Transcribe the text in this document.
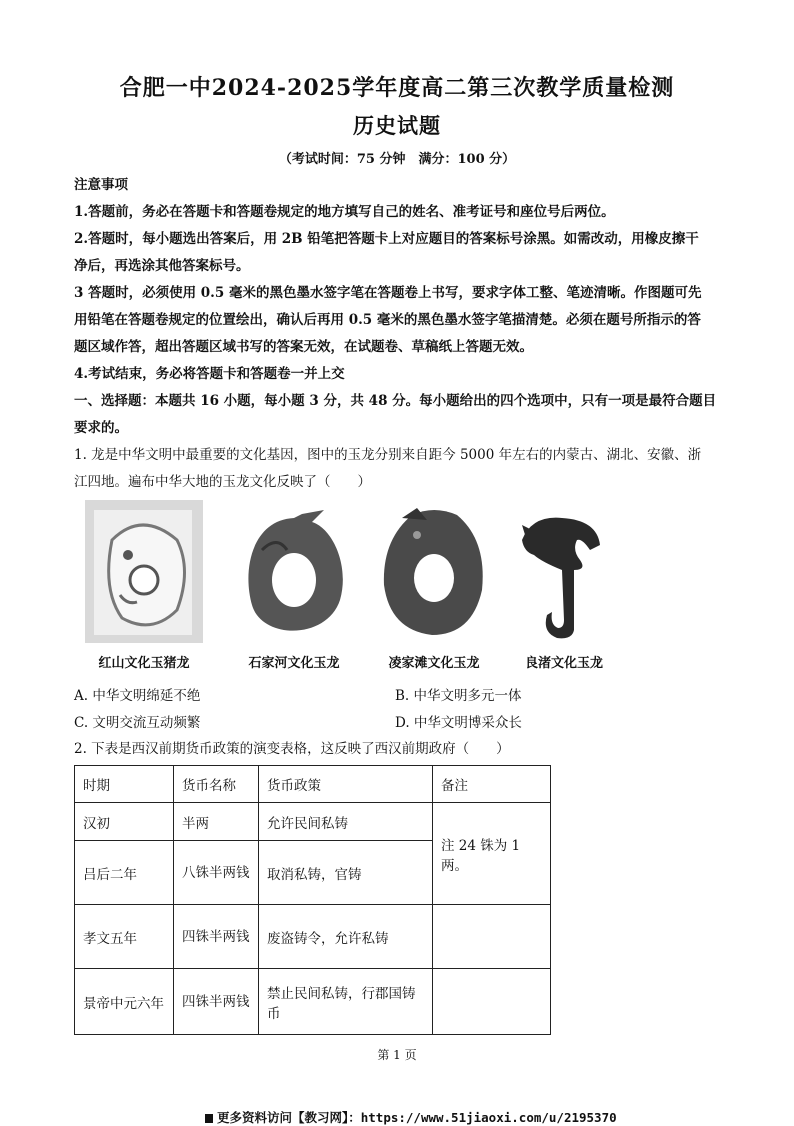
合肥一中2024-2025学年度高二第三次教学质量检测
历史试题
（考试时间：75 分钟　满分：100 分）
注意事项
1.答题前，务必在答题卡和答题卷规定的地方填写自己的姓名、准考证号和座位号后两位。
2.答题时，每小题选出答案后，用 2B 铅笔把答题卡上对应题目的答案标号涂黑。如需改动，用橡皮擦干
净后，再选涂其他答案标号。
3 答题时，必须使用 0.5 毫米的黑色墨水签字笔在答题卷上书写，要求字体工整、笔迹清晰。作图题可先
用铅笔在答题卷规定的位置绘出，确认后再用 0.5 毫米的黑色墨水签字笔描清楚。必须在题号所指示的答
题区域作答，超出答题区域书写的答案无效，在试题卷、草稿纸上答题无效。
4.考试结束，务必将答题卡和答题卷一并上交
一、选择题：本题共 16 小题，每小题 3 分，共 48 分。每小题给出的四个选项中，只有一项是最符合题目
要求的。
1. 龙是中华文明中最重要的文化基因，图中的玉龙分别来自距今 5000 年左右的内蒙古、湖北、安徽、浙
江四地。遍布中华大地的玉龙文化反映了（　　）
红山文化玉猪龙	石家河文化玉龙	凌家滩文化玉龙	良渚文化玉龙
A. 中华文明绵延不绝	B. 中华文明多元一体
C. 文明交流互动频繁	D. 中华文明博采众长
2. 下表是西汉前期货币政策的演变表格，这反映了西汉前期政府（　　）
时期	货币名称	货币政策	备注
汉初	半两	允许民间私铸	注 24 铢为 1 两。
吕后二年	八铢半两钱	取消私铸，官铸	
孝文五年	四铢半两钱	废盗铸令，允许私铸	
景帝中元六年	四铢半两钱	禁止民间私铸，行郡国铸币	
第 1 页
更多资料访问【教习网】：https://www.51jiaoxi.com/u/2195370
